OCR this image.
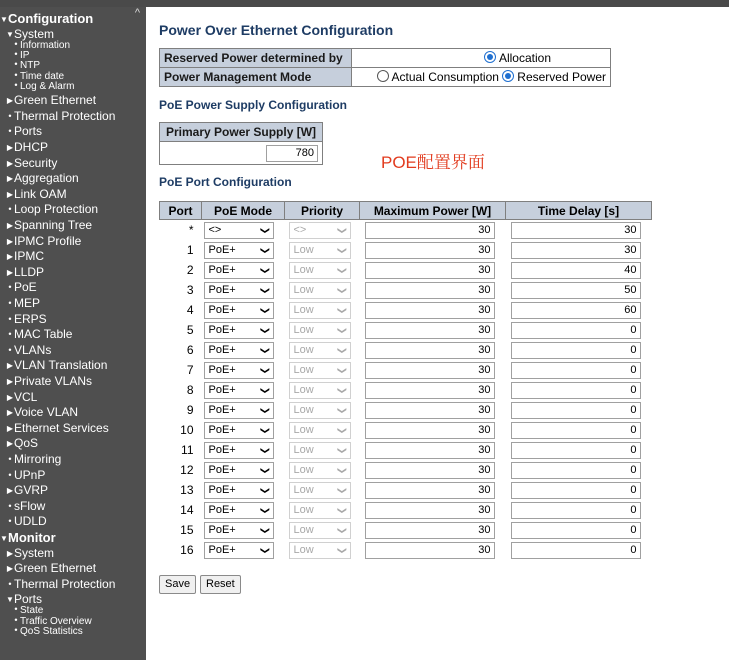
^
▼Configuration
▼System
• Information
• IP
• NTP
• Time date
• Log & Alarm
▶Green Ethernet
• Thermal Protection
• Ports
▶DHCP
▶Security
▶Aggregation
▶Link OAM
• Loop Protection
▶Spanning Tree
▶IPMC Profile
▶IPMC
▶LLDP
• PoE
• MEP
• ERPS
• MAC Table
• VLANs
▶VLAN Translation
▶Private VLANs
▶VCL
▶Voice VLAN
▶Ethernet Services
▶QoS
• Mirroring
• UPnP
▶GVRP
• sFlow
• UDLD
▼Monitor
▶System
▶Green Ethernet
• Thermal Protection
▼Ports
• State
• Traffic Overview
• QoS Statistics
Power Over Ethernet Configuration
Reserved Power determined by	Allocation
Power Management Mode	Actual Consumption Reserved Power
PoE Power Supply Configuration
Primary Power Supply [W]
780
POE配置界面
PoE Port Configuration
Port	PoE Mode	Priority	Maximum Power [W]	Time Delay [s]
*	<> ❯	<> ❯	30	30
1	PoE+ ❯	Low ❯	30	30
2	PoE+ ❯	Low ❯	30	40
3	PoE+ ❯	Low ❯	30	50
4	PoE+ ❯	Low ❯	30	60
5	PoE+ ❯	Low ❯	30	0
6	PoE+ ❯	Low ❯	30	0
7	PoE+ ❯	Low ❯	30	0
8	PoE+ ❯	Low ❯	30	0
9	PoE+ ❯	Low ❯	30	0
10	PoE+ ❯	Low ❯	30	0
11	PoE+ ❯	Low ❯	30	0
12	PoE+ ❯	Low ❯	30	0
13	PoE+ ❯	Low ❯	30	0
14	PoE+ ❯	Low ❯	30	0
15	PoE+ ❯	Low ❯	30	0
16	PoE+ ❯	Low ❯	30	0
Save	Reset
